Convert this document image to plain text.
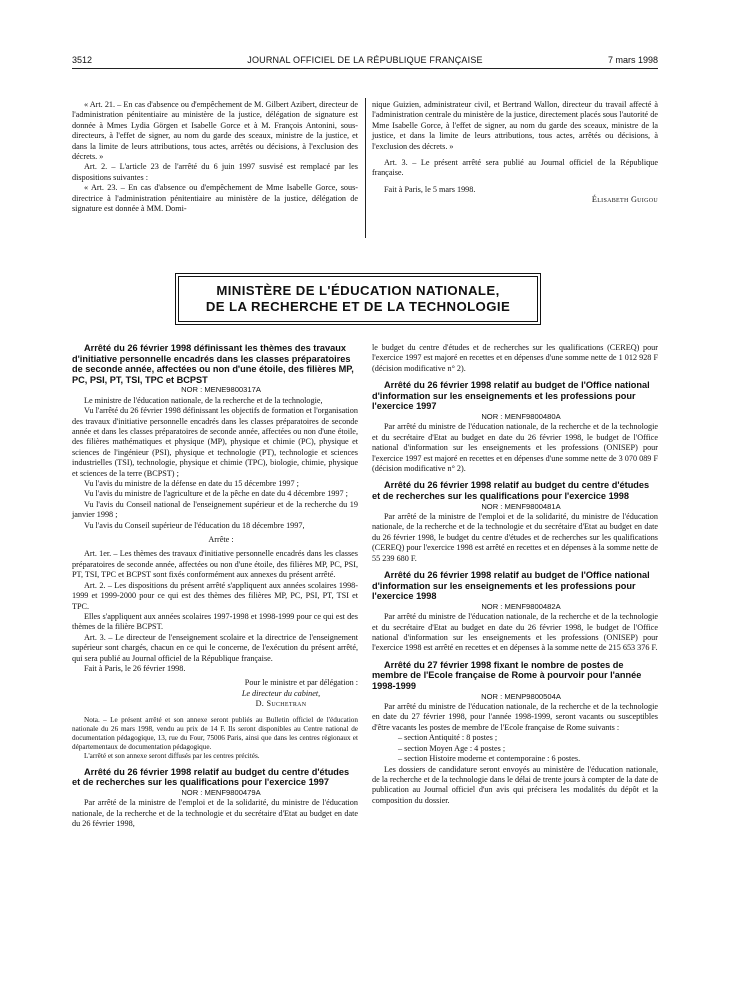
3512	JOURNAL OFFICIEL DE LA RÉPUBLIQUE FRANÇAISE	7 mars 1998

« Art. 21. – En cas d'absence ou d'empêchement de M. Gilbert Azibert, directeur de l'administration pénitentiaire au ministère de la justice, délégation de signature est donnée à Mmes Lydia Görgen et Isabelle Gorce et à M. François Antonini, sous-directeurs, à l'effet de signer, au nom du garde des sceaux, ministre de la justice, et dans la limite de leurs attributions, tous actes, arrêtés ou décisions, à l'exclusion des décrets. »

Art. 2. – L'article 23 de l'arrêté du 6 juin 1997 susvisé est remplacé par les dispositions suivantes :

« Art. 23. – En cas d'absence ou d'empêchement de Mme Isabelle Gorce, sous-directrice à l'administration pénitentiaire au ministère de la justice, délégation de signature est donnée à MM. Domi-

nique Guizien, administrateur civil, et Bertrand Wallon, directeur du travail affecté à l'administration centrale du ministère de la justice, directement placés sous l'autorité de Mme Isabelle Gorce, à l'effet de signer, au nom du garde des sceaux, ministre de la justice, et dans la limite de leurs attributions, tous actes, arrêtés ou décisions, à l'exclusion des décrets. »

Art. 3. – Le présent arrêté sera publié au Journal officiel de la République française.

Fait à Paris, le 5 mars 1998.

Élisabeth Guigou

MINISTÈRE DE L'ÉDUCATION NATIONALE,
DE LA RECHERCHE ET DE LA TECHNOLOGIE

Arrêté du 26 février 1998 définissant les thèmes des travaux d'initiative personnelle encadrés dans les classes préparatoires de seconde année, affectées ou non d'une étoile, des filières MP, PC, PSI, PT, TSI, TPC et BCPST

NOR : MENE9800317A

Le ministre de l'éducation nationale, de la recherche et de la technologie,

Vu l'arrêté du 26 février 1998 définissant les objectifs de formation et l'organisation des travaux d'initiative personnelle encadrés dans les classes préparatoires de seconde année et dans les classes préparatoires de seconde année, affectées ou non d'une étoile, des filières mathématiques et physique (MP), physique et chimie (PC), physique et sciences de l'ingénieur (PSI), physique et technologie (PT), technologie et sciences industrielles (TSI), technologie, physique et chimie (TPC), biologie, chimie, physique et sciences de la terre (BCPST) ;

Vu l'avis du ministre de la défense en date du 15 décembre 1997 ;

Vu l'avis du ministre de l'agriculture et de la pêche en date du 4 décembre 1997 ;

Vu l'avis du Conseil national de l'enseignement supérieur et de la recherche du 19 janvier 1998 ;

Vu l'avis du Conseil supérieur de l'éducation du 18 décembre 1997,

Arrête :

Art. 1er. – Les thèmes des travaux d'initiative personnelle encadrés dans les classes préparatoires de seconde année, affectées ou non d'une étoile, des filières MP, PC, PSI, PT, TSI, TPC et BCPST sont fixés conformément aux annexes du présent arrêté.

Art. 2. – Les dispositions du présent arrêté s'appliquent aux années scolaires 1998-1999 et 1999-2000 pour ce qui est des thèmes des filières MP, PC, PSI, PT, TSI et TPC.

Elles s'appliquent aux années scolaires 1997-1998 et 1998-1999 pour ce qui est des thèmes de la filière BCPST.

Art. 3. – Le directeur de l'enseignement scolaire et la directrice de l'enseignement supérieur sont chargés, chacun en ce qui le concerne, de l'exécution du présent arrêté, qui sera publié au Journal officiel de la République française.

Fait à Paris, le 26 février 1998.

Pour le ministre et par délégation :

Le directeur du cabinet,

D. Suchetran

Nota. – Le présent arrêté et son annexe seront publiés au Bulletin officiel de l'éducation nationale du 26 mars 1998, vendu au prix de 14 F. Ils seront disponibles au Centre national de documentation pédagogique, 13, rue du Four, 75006 Paris, ainsi que dans les centres régionaux et départementaux de documentation pédagogique.

L'arrêté et son annexe seront diffusés par les centres précités.

Arrêté du 26 février 1998 relatif au budget du centre d'études et de recherches sur les qualifications pour l'exercice 1997

NOR : MENF9800479A

Par arrêté de la ministre de l'emploi et de la solidarité, du ministre de l'éducation nationale, de la recherche et de la technologie et du secrétaire d'Etat au budget en date du 26 février 1998,

le budget du centre d'études et de recherches sur les qualifications (CEREQ) pour l'exercice 1997 est majoré en recettes et en dépenses d'une somme nette de 1 012 928 F (décision modificative n° 2).

Arrêté du 26 février 1998 relatif au budget de l'Office national d'information sur les enseignements et les professions pour l'exercice 1997

NOR : MENF9800480A

Par arrêté du ministre de l'éducation nationale, de la recherche et de la technologie et du secrétaire d'Etat au budget en date du 26 février 1998, le budget de l'Office national d'information sur les enseignements et les professions (ONISEP) pour l'exercice 1997 est majoré en recettes et en dépenses d'une somme nette de 3 070 089 F (décision modificative n° 2).

Arrêté du 26 février 1998 relatif au budget du centre d'études et de recherches sur les qualifications pour l'exercice 1998

NOR : MENF9800481A

Par arrêté de la ministre de l'emploi et de la solidarité, du ministre de l'éducation nationale, de la recherche et de la technologie et du secrétaire d'Etat au budget en date du 26 février 1998, le budget du centre d'études et de recherches sur les qualifications (CEREQ) pour l'exercice 1998 est arrêté en recettes et en dépenses à la somme nette de 55 239 680 F.

Arrêté du 26 février 1998 relatif au budget de l'Office national d'information sur les enseignements et les professions pour l'exercice 1998

NOR : MENF9800482A

Par arrêté du ministre de l'éducation nationale, de la recherche et de la technologie et du secrétaire d'Etat au budget en date du 26 février 1998, le budget de l'Office national d'information sur les enseignements et les professions (ONISEP) pour l'exercice 1998 est arrêté en recettes et en dépenses à la somme nette de 215 653 376 F.

Arrêté du 27 février 1998 fixant le nombre de postes de membre de l'Ecole française de Rome à pourvoir pour l'année 1998-1999

NOR : MENP9800504A

Par arrêté du ministre de l'éducation nationale, de la recherche et de la technologie en date du 27 février 1998, pour l'année 1998-1999, seront vacants ou susceptibles d'être vacants les postes de membre de l'Ecole française de Rome suivants :

– section Antiquité : 8 postes ;

– section Moyen Age : 4 postes ;

– section Histoire moderne et contemporaine : 6 postes.

Les dossiers de candidature seront envoyés au ministère de l'éducation nationale, de la recherche et de la technologie dans le délai de trente jours à compter de la date de publication au Journal officiel d'un avis qui précisera les modalités du dépôt et la composition du dossier.
